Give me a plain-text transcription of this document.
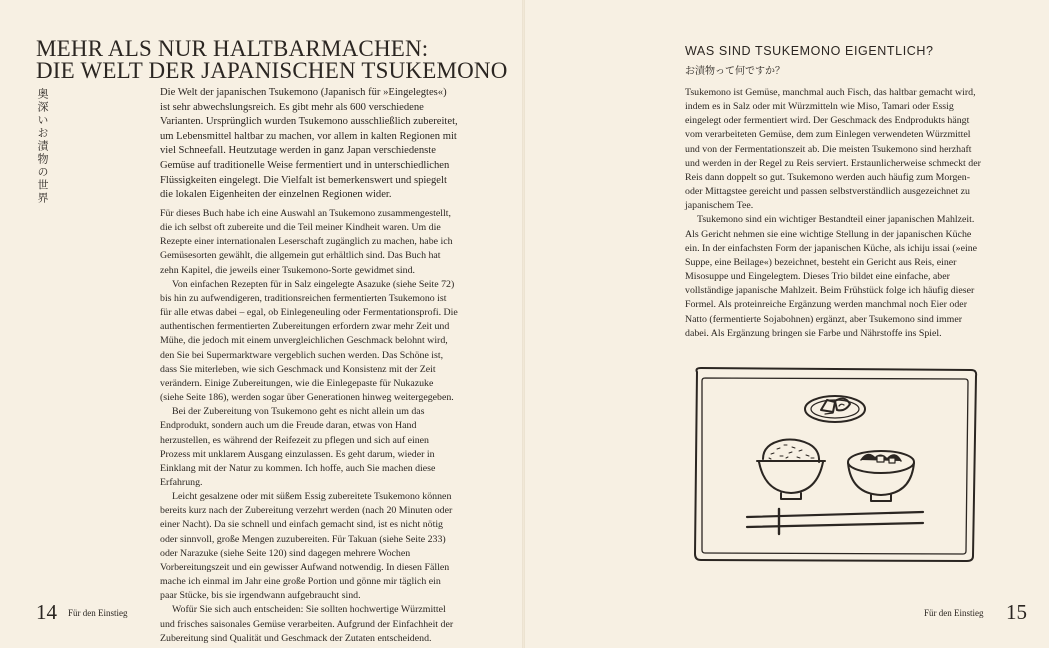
MEHR ALS NUR HALTBARMACHEN:
DIE WELT DER JAPANISCHEN TSUKEMONO
奥深いお漬物の世界	Die Welt der japanischen Tsukemono (Japanisch für »Eingelegtes«) ist sehr abwechslungsreich. Es gibt mehr als 600 verschiedene Varianten. Ursprünglich wurden Tsukemono ausschließlich zubereitet, um Lebensmittel haltbar zu machen, vor allem in kalten Regionen mit viel Schneefall. Heutzutage werden in ganz Japan verschiedenste Gemüse auf traditionelle Weise fermentiert und in unterschiedlichen Flüssigkeiten eingelegt. Die Vielfalt ist bemerkenswert und spiegelt die lokalen Eigenheiten der einzelnen Regionen wider.

Für dieses Buch habe ich eine Auswahl an Tsukemono zusammengestellt, die ich selbst oft zubereite und die Teil meiner Kindheit waren. Um die Rezepte einer internationalen Leserschaft zugänglich zu machen, habe ich Gemüsesorten gewählt, die allgemein gut erhältlich sind. Das Buch hat zehn Kapitel, die jeweils einer Tsukemono-Sorte gewidmet sind.

Von einfachen Rezepten für in Salz eingelegte Asazuke (siehe Seite 72) bis hin zu aufwendigeren, traditionsreichen fermentierten Tsukemono ist für alle etwas dabei – egal, ob Einlegeneuling oder Fermentationsprofi. Die authentischen fermentierten Zubereitungen erfordern zwar mehr Zeit und Mühe, die jedoch mit einem unvergleichlichen Geschmack belohnt wird, den Sie bei Supermarktware vergeblich suchen werden. Das Schöne ist, dass Sie miterleben, wie sich Geschmack und Konsistenz mit der Zeit verändern. Einige Zubereitungen, wie die Einlegepaste für Nukazuke (siehe Seite 186), werden sogar über Generationen hinweg weitergegeben.

Bei der Zubereitung von Tsukemono geht es nicht allein um das Endprodukt, sondern auch um die Freude daran, etwas von Hand herzustellen, es während der Reifezeit zu pflegen und sich auf einen Prozess mit unklarem Ausgang einzulassen. Es geht darum, wieder in Einklang mit der Natur zu kommen. Ich hoffe, auch Sie machen diese Erfahrung.

Leicht gesalzene oder mit süßem Essig zubereitete Tsukemono können bereits kurz nach der Zubereitung verzehrt werden (nach 20 Minuten oder einer Nacht). Da sie schnell und einfach gemacht sind, ist es nicht nötig oder sinnvoll, große Mengen zuzubereiten. Für Takuan (siehe Seite 233) oder Narazuke (siehe Seite 120) sind dagegen mehrere Wochen Vorbereitungszeit und ein gewisser Aufwand notwendig. In diesen Fällen mache ich einmal im Jahr eine große Portion und gönne mir täglich ein paar Stücke, bis sie irgendwann aufgebraucht sind.

Wofür Sie sich auch entscheiden: Sie sollten hochwertige Würzmittel und frisches saisonales Gemüse verarbeiten. Aufgrund der Einfachheit der Zubereitung sind Qualität und Geschmack der Zutaten entscheidend.

14 Für den Einstieg
WAS SIND TSUKEMONO EIGENTLICH?
お漬物って何ですか？

Tsukemono ist Gemüse, manchmal auch Fisch, das haltbar gemacht wird, indem es in Salz oder mit Würzmitteln wie Miso, Tamari oder Essig eingelegt oder fermentiert wird. Der Geschmack des Endprodukts hängt vom verarbeiteten Gemüse, dem zum Einlegen verwendeten Würzmittel und von der Fermentationszeit ab. Die meisten Tsukemono sind herzhaft und werden in der Regel zu Reis serviert. Erstaunlicherweise schmeckt der Reis dann doppelt so gut. Tsukemono werden auch häufig zum Morgen- oder Mittagstee gereicht und passen selbstverständlich ausgezeichnet zu japanischem Tee.

Tsukemono sind ein wichtiger Bestandteil einer japanischen Mahlzeit. Als Gericht nehmen sie eine wichtige Stellung in der japanischen Küche ein. In der einfachsten Form der japanischen Küche, als ichiju issai (»eine Suppe, eine Beilage«) bezeichnet, besteht ein Gericht aus Reis, einer Misosuppe und Eingelegtem. Dieses Trio bildet eine einfache, aber vollständige japanische Mahlzeit. Beim Frühstück folge ich häufig dieser Formel. Als proteinreiche Ergänzung werden manchmal noch Eier oder Natto (fermentierte Sojabohnen) ergänzt, aber Tsukemono sind immer dabei. Als Ergänzung bringen sie Farbe und Nährstoffe ins Spiel.

Für den Einstieg 15
